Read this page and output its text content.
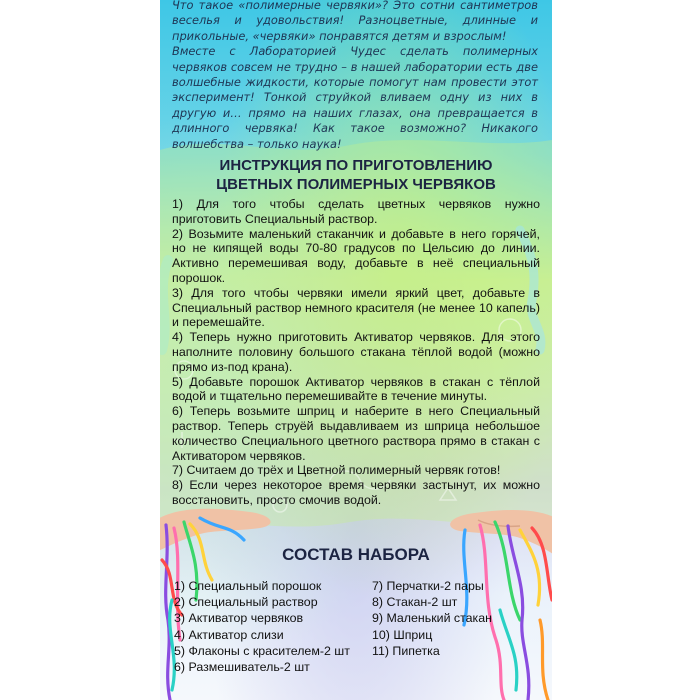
Что такое «полимерные червяки»? Это сотни сантиметров веселья и удовольствия! Разноцветные, длинные и прикольные, «червяки» понравятся детям и взрослым!

Вместе с Лабораторией Чудес сделать полимерных червяков совсем не трудно – в нашей лаборатории есть две волшебные жидкости, которые помогут нам провести этот эксперимент! Тонкой струйкой вливаем одну из них в другую и… прямо на наших глазах, она превращается в длинного червяка! Как такое возможно? Никакого волшебства – только наука!

ИНСТРУКЦИЯ ПО ПРИГОТОВЛЕНИЮ
ЦВЕТНЫХ ПОЛИМЕРНЫХ ЧЕРВЯКОВ

1) Для того чтобы сделать цветных червяков нужно приготовить Специальный раствор.

2) Возьмите маленький стаканчик и добавьте в него горячей, но не кипящей воды 70-80 градусов по Цельсию до линии. Активно перемешивая воду, добавьте в неё специальный порошок.

3) Для того чтобы червяки имели яркий цвет, добавьте в Специальный раствор немного красителя (не менее 10 капель) и перемешайте.

4) Теперь нужно приготовить Активатор червяков. Для этого наполните половину большого стакана тёплой водой (можно прямо из-под крана).

5) Добавьте порошок Активатор червяков в стакан с тёплой водой и тщательно перемешивайте в течение минуты.

6) Теперь возьмите шприц и наберите в него Специальный раствор. Теперь струёй выдавливаем из шприца небольшое количество Специального цветного раствора прямо в стакан с Активатором червяков.

7) Считаем до трёх и Цветной полимерный червяк готов!

8) Если через некоторое время червяки застынут, их можно восстановить, просто смочив водой.

СОСТАВ НАБОРА
1) Специальный порошок
2) Специальный раствор
3) Активатор червяков
4) Активатор слизи
5) Флаконы с красителем-2 шт
6) Размешиватель-2 шт
7) Перчатки-2 пары
8) Стакан-2 шт
9) Маленький стакан
10) Шприц
11) Пипетка
